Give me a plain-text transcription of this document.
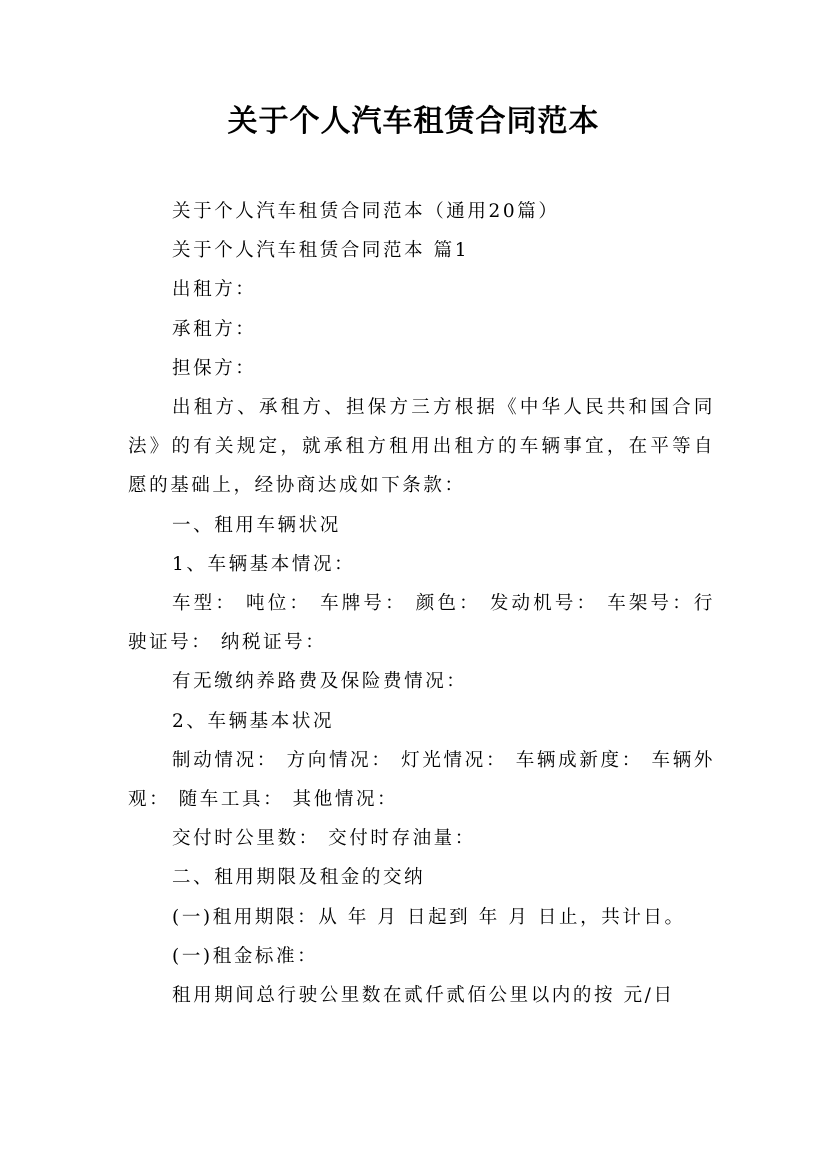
关于个人汽车租赁合同范本

关于个人汽车租赁合同范本（通用20篇）

关于个人汽车租赁合同范本 篇1

出租方：

承租方：

担保方：

出租方、承租方、担保方三方根据《中华人民共和国合同法》的有关规定，就承租方租用出租方的车辆事宜，在平等自愿的基础上，经协商达成如下条款：

一、租用车辆状况

1、车辆基本情况：

车型： 吨位： 车牌号： 颜色： 发动机号： 车架号：行驶证号： 纳税证号：

有无缴纳养路费及保险费情况：

2、车辆基本状况

制动情况： 方向情况： 灯光情况： 车辆成新度： 车辆外观： 随车工具： 其他情况：

交付时公里数： 交付时存油量：

二、租用期限及租金的交纳

(一)租用期限：从 年 月 日起到 年 月 日止，共计日。

(一)租金标准：

租用期间总行驶公里数在贰仟贰佰公里以内的按 元/日
